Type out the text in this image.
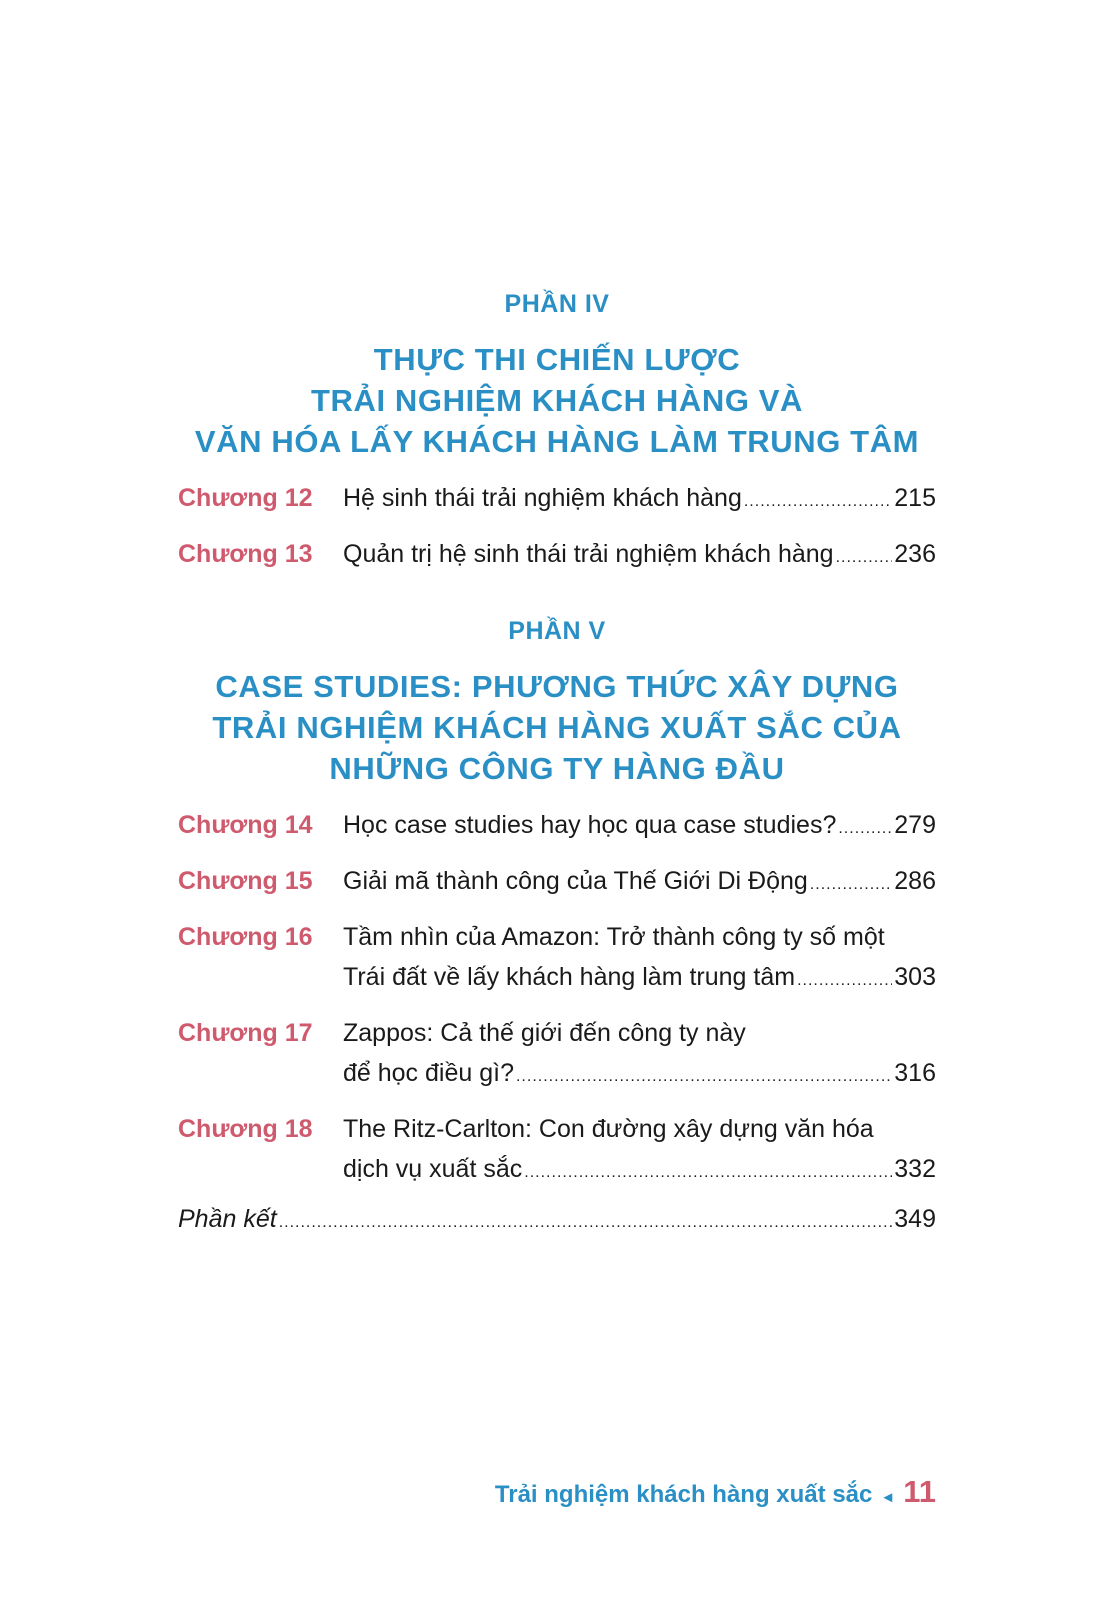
PHẦN IV
THỰC THI CHIẾN LƯỢC
TRẢI NGHIỆM KHÁCH HÀNG VÀ
VĂN HÓA LẤY KHÁCH HÀNG LÀM TRUNG TÂM
Chương 12 Hệ sinh thái trải nghiệm khách hàng .....	215
Chương 13 Quản trị hệ sinh thái trải nghiệm khách hàng ..... 236
PHẦN V
CASE STUDIES: PHƯƠNG THỨC XÂY DỰNG
TRẢI NGHIỆM KHÁCH HÀNG XUẤT SẮC CỦA
NHỮNG CÔNG TY HÀNG ĐẦU
Chương 14 Học case studies hay học qua case studies? ..... 279
Chương 15 Giải mã thành công của Thế Giới Di Động .....	286
Chương 16 Tầm nhìn của Amazon: Trở thành công ty số một
Trái đất về lấy khách hàng làm trung tâm .....	303
Chương 17 Zappos: Cả thế giới đến công ty này
để học điều gì? .....	316
Chương 18 The Ritz-Carlton: Con đường xây dựng văn hóa
dịch vụ xuất sắc .....	332
Phần kết .....	349
Trải nghiệm khách hàng xuất sắc ◄ 11
